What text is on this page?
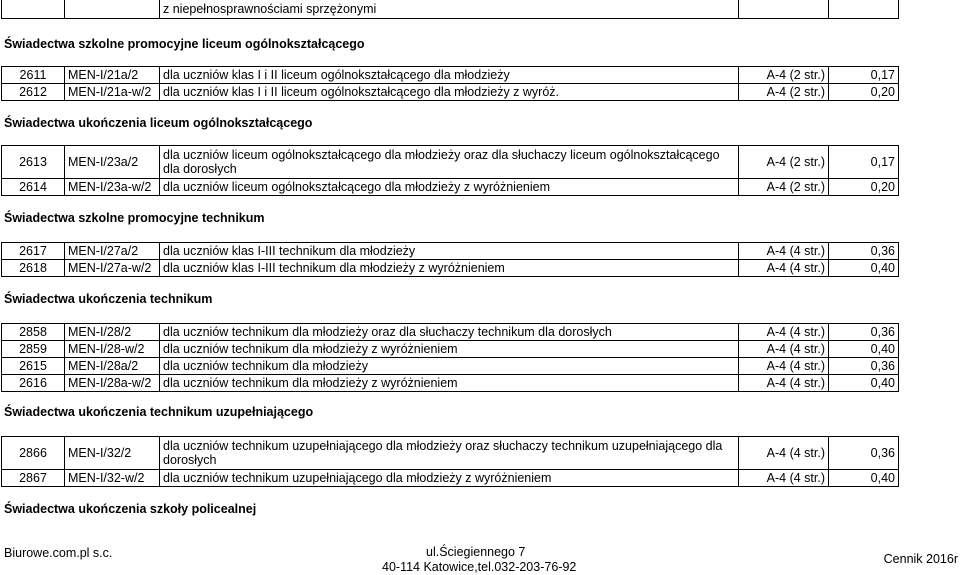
		z niepełnosprawnościami sprzężonymi		
Świadectwa szkolne promocyjne liceum ogólnokształcącego
2611	MEN-I/21a/2	dla uczniów klas I i II liceum ogólnokształcącego dla młodzieży	A-4 (2 str.)	0,17
2612	MEN-I/21a-w/2	dla uczniów klas I i II liceum ogólnokształcącego dla młodzieży z wyróż.	A-4 (2 str.)	0,20
Świadectwa ukończenia liceum ogólnokształcącego
2613	MEN-I/23a/2	dla uczniów liceum ogólnokształcącego dla młodzieży oraz dla słuchaczy liceum ogólnokształcącego dla dorosłych	A-4 (2 str.)	0,17
2614	MEN-I/23a-w/2	dla uczniów liceum ogólnokształcącego dla młodzieży z wyróżnieniem	A-4 (2 str.)	0,20
Świadectwa szkolne promocyjne technikum
2617	MEN-I/27a/2	dla uczniów klas I-III technikum dla młodzieży	A-4 (4 str.)	0,36
2618	MEN-I/27a-w/2	dla uczniów klas I-III technikum dla młodzieży z wyróżnieniem	A-4 (4 str.)	0,40
Świadectwa ukończenia technikum
2858	MEN-I/28/2	dla uczniów technikum dla młodzieży oraz dla słuchaczy technikum dla dorosłych	A-4 (4 str.)	0,36
2859	MEN-I/28-w/2	dla uczniów technikum dla młodzieży z wyróżnieniem	A-4 (4 str.)	0,40
2615	MEN-I/28a/2	dla uczniów technikum dla młodzieży	A-4 (4 str.)	0,36
2616	MEN-I/28a-w/2	dla uczniów technikum dla młodzieży z wyróżnieniem	A-4 (4 str.)	0,40
Świadectwa ukończenia technikum uzupełniającego
2866	MEN-I/32/2	dla uczniów technikum uzupełniającego dla młodzieży oraz słuchaczy technikum uzupełniającego dla dorosłych	A-4 (4 str.)	0,36
2867	MEN-I/32-w/2	dla uczniów technikum uzupełniającego dla młodzieży z wyróżnieniem	A-4 (4 str.)	0,40
Świadectwa ukończenia szkoły policealnej
Biurowe.com.pl s.c.	ul.Ściegiennego 7
40-114 Katowice,tel.032-203-76-92
Cennik 2016r
